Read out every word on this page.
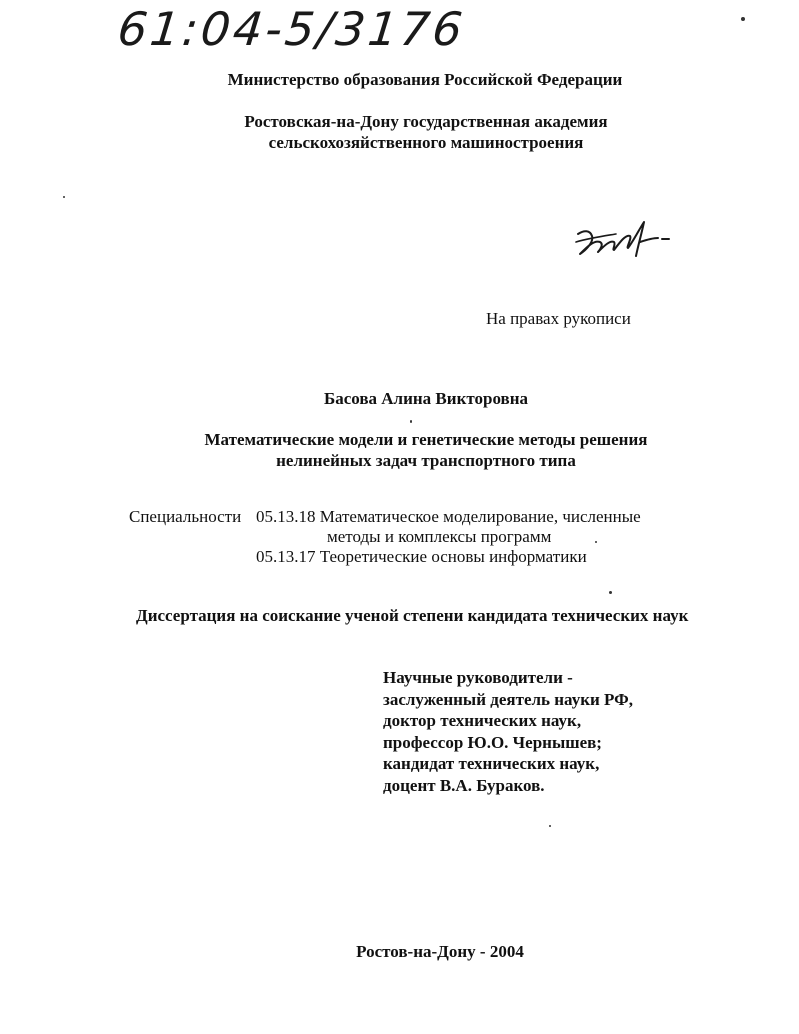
61:04-5/3176
Министерство образования Российской Федерации
Ростовская-на-Дону государственная академия
сельскохозяйственного машиностроения
На правах рукописи
Басова Алина Викторовна
Математические модели и генетические методы решения
нелинейных задач транспортного типа
Специальности 05.13.18 Математическое моделирование, численные
методы и комплексы программ
05.13.17 Теоретические основы информатики
Диссертация на соискание ученой степени кандидата технических наук
Научные руководители -
заслуженный деятель науки РФ,
доктор технических наук,
профессор Ю.О. Чернышев;
кандидат технических наук,
доцент В.А. Бураков.
Ростов-на-Дону - 2004
